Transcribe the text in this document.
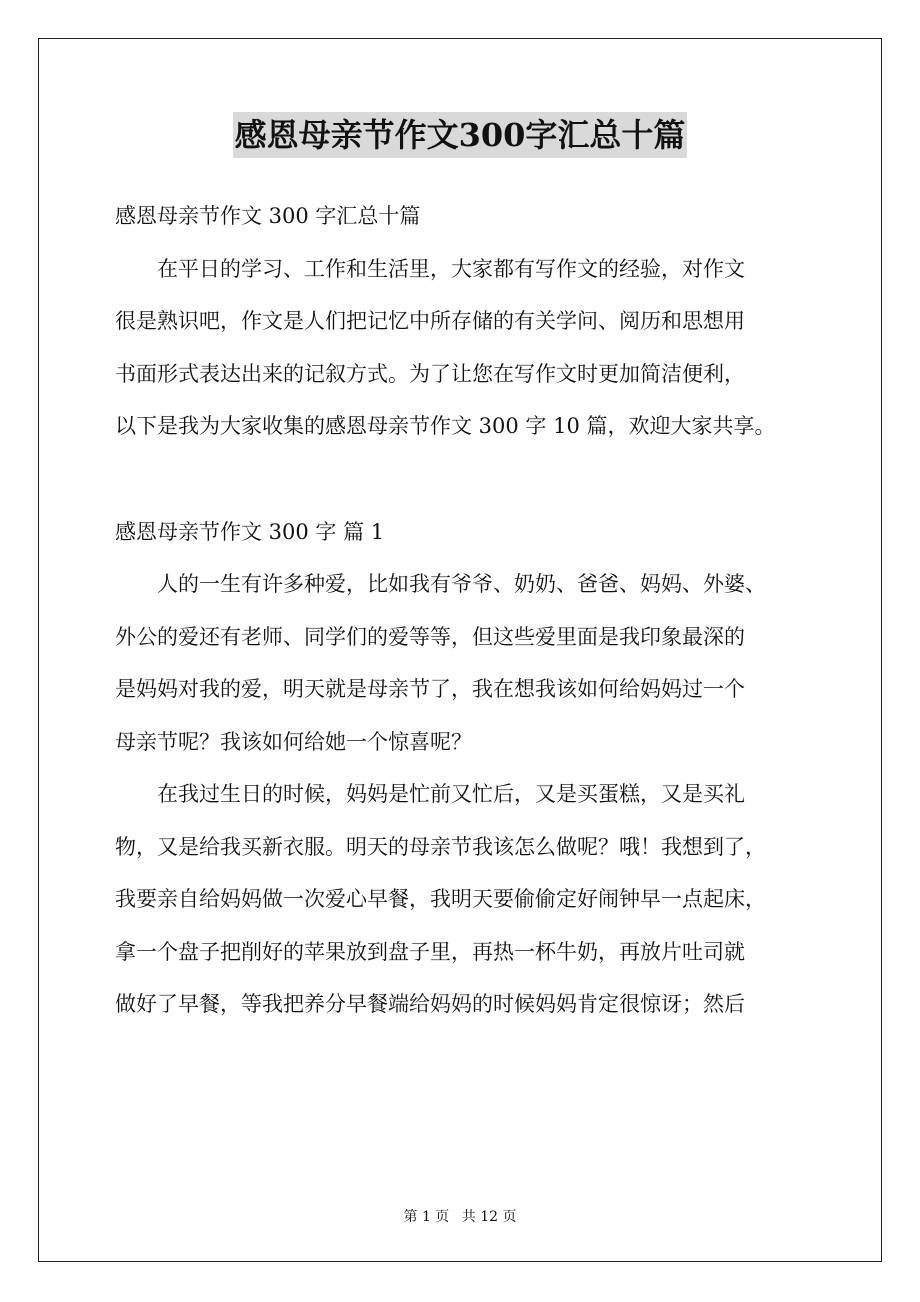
感恩母亲节作文300字汇总十篇
感恩母亲节作文 300 字汇总十篇
　　在平日的学习、工作和生活里，大家都有写作文的经验，对作文
很是熟识吧，作文是人们把记忆中所存储的有关学问、阅历和思想用
书面形式表达出来的记叙方式。为了让您在写作文时更加简洁便利，
以下是我为大家收集的感恩母亲节作文 300 字 10 篇，欢迎大家共享。
感恩母亲节作文 300 字 篇 1
　　人的一生有许多种爱，比如我有爷爷、奶奶、爸爸、妈妈、外婆、
外公的爱还有老师、同学们的爱等等，但这些爱里面是我印象最深的
是妈妈对我的爱，明天就是母亲节了，我在想我该如何给妈妈过一个
母亲节呢？我该如何给她一个惊喜呢？
　　在我过生日的时候，妈妈是忙前又忙后，又是买蛋糕，又是买礼
物，又是给我买新衣服。明天的母亲节我该怎么做呢？哦！我想到了，
我要亲自给妈妈做一次爱心早餐，我明天要偷偷定好闹钟早一点起床，
拿一个盘子把削好的苹果放到盘子里，再热一杯牛奶，再放片吐司就
做好了早餐，等我把养分早餐端给妈妈的时候妈妈肯定很惊讶；然后
第 1 页 共 12 页
